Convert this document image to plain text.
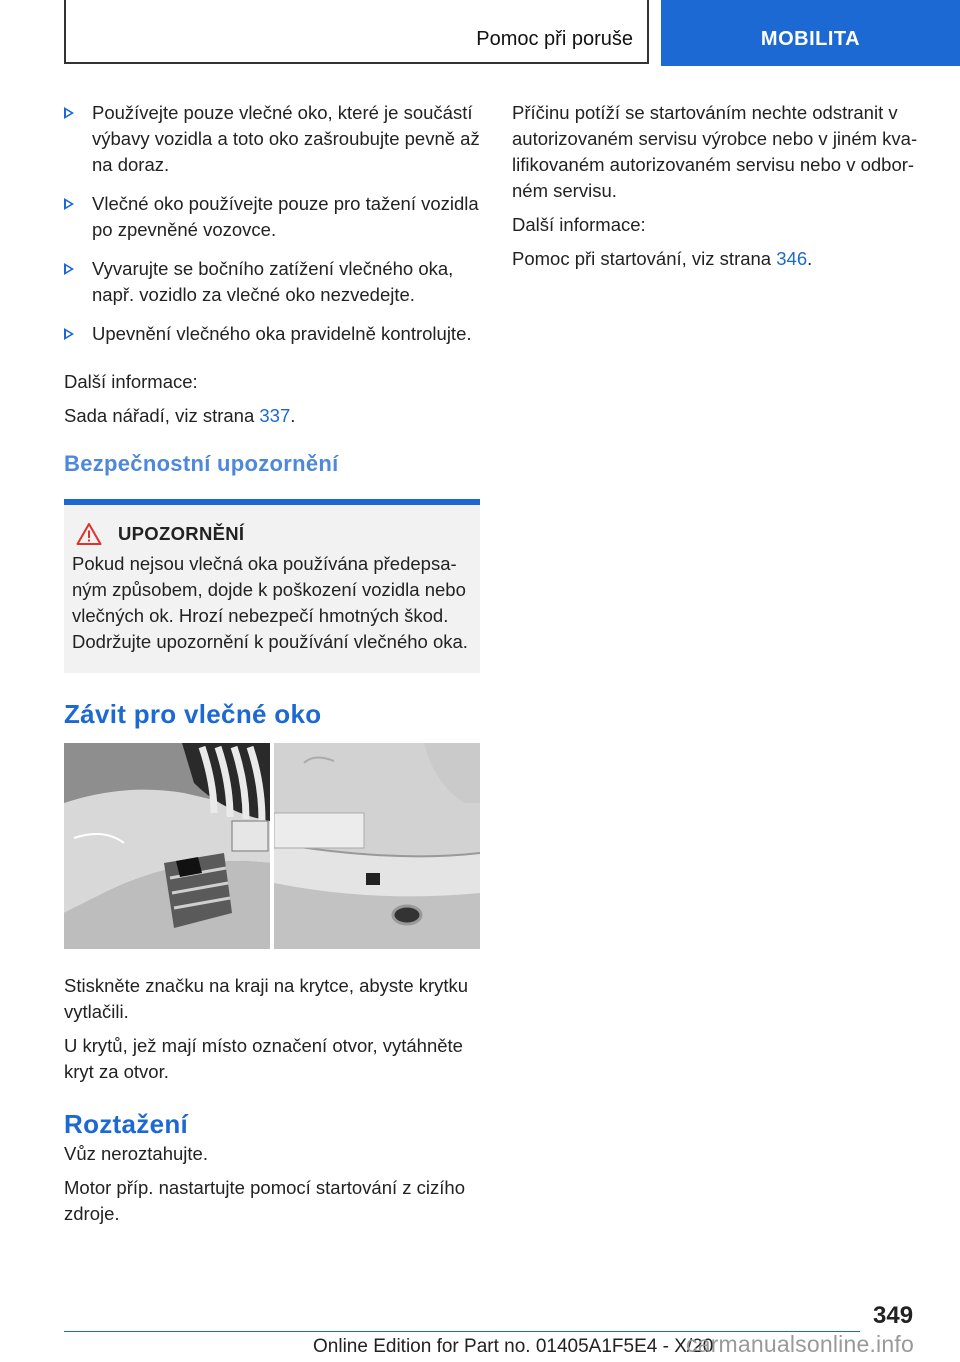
Pomoc při poruše	MOBILITA
Používejte pouze vlečné oko, které je součástí výbavy vozidla a toto oko zašroubujte pevně až na doraz.
Vlečné oko používejte pouze pro tažení vozidla po zpevněné vozovce.
Vyvarujte se bočního zatížení vlečného oka, např. vozidlo za vlečné oko nezvedejte.
Upevnění vlečného oka pravidelně kontrolujte.

Další informace:

Sada nářadí, viz strana 337.

Bezpečnostní upozornění
UPOZORNĚNÍ
Pokud nejsou vlečná oka používána předepsaným způsobem, dojde k poškození vozidla nebo vlečných ok. Hrozí nebezpečí hmotných škod. Dodržujte upozornění k používání vlečného oka.
Závit pro vlečné oko

Stiskněte značku na kraji na krytce, abyste krytku vytlačili.

U krytů, jež mají místo označení otvor, vytáhněte kryt za otvor.

Roztažení

Vůz neroztahujte.

Motor příp. nastartujte pomocí startování z cizího zdroje.

Příčinu potíží se startováním nechte odstranit v autorizovaném servisu výrobce nebo v jiném kvalifikovaném autorizovaném servisu nebo v odborném servisu.

Další informace:

Pomoc při startování, viz strana 346.

349
Online Edition for Part no. 01405A1F5E4 - X/20
carmanualsonline.info
